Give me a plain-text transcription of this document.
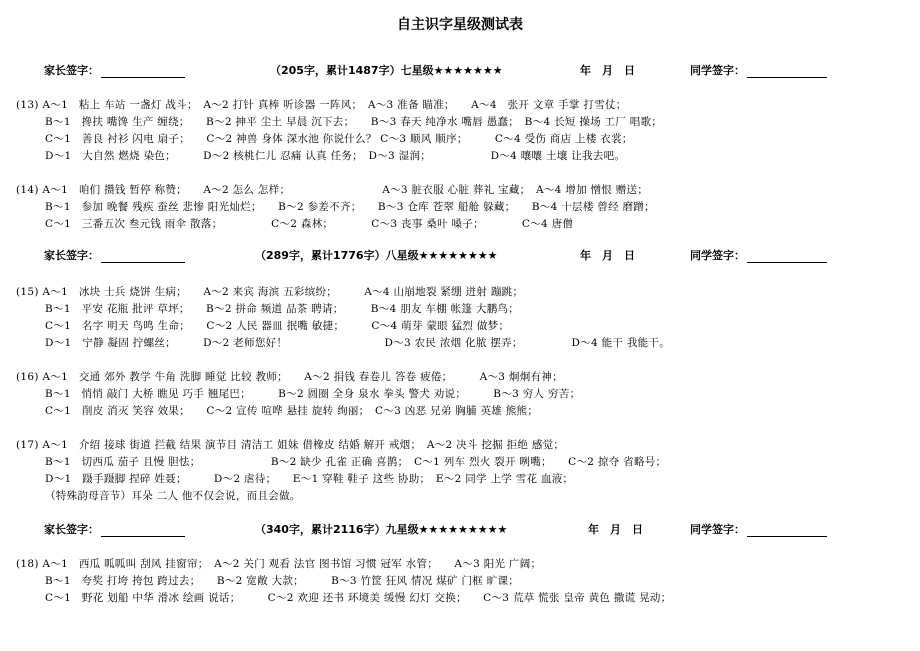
自主识字星级测试表
家长签字：	（205字，累计1487字）七星级★★★★★★★	年　月　日	同学签字：
(13) A～1　粘上 车站 一盏灯 战斗；　A～2 打针 真棒 听诊器 一阵风；　A～3 准备 瞄准；　　A～4　张开 文章 手掌 打雪仗；
B～1　搀扶 嘴馋 生产 缠绕；　　B～2 抻平 尘土 早晨 沉下去；　　B～3 春天 纯净水 嘴唇 愚蠢；　B～4 长短 操场 工厂 唱歌；
C～1　善良 衬衫 闪电 扇子；　　C～2 神兽 身体 深水池 你说什么？ C～3 顺风 顺序；　　　C～4 受伤 商店 上楼 衣裳；
D～1　大自然 燃烧 染色；　　　D～2 核桃仁儿 忍痛 认真 任务；　D～3 湿润；　　　　　　D～4 嚷嚷 土壤 让我去吧。
(14) A～1　咱们 攒钱 暂停 称赞；　　A～2 怎么 怎样；　　　　　　　　　A～3 脏衣服 心脏 葬礼 宝藏；　A～4 增加 憎恨 赠送；
B～1　参加 晚餐 残疾 蚕丝 悲惨 阳光灿烂；　　B～2 参差不齐；　　B～3 仓库 苍翠 船舱 躲藏；　　B～4 十层楼 曾经 磨蹭；
C～1　三番五次 叁元钱 雨伞 散落；　　　　　C～2 森林；　　　　C～3 丧事 桑叶 嗓子；　　　　C～4 唐僧
家长签字：	（289字，累计1776字）八星级★★★★★★★★	年　月　日	同学签字：
(15) A～1　冰块 士兵 烧饼 生病；　　A～2 来宾 海滨 五彩缤纷；　　　A～4 山崩地裂 紧绷 迸射 蹦跳；
B～1　平安 花瓶 批评 草坪；　　B～2 拼命 频道 品茶 聘请；　　　B～4 朋友 车棚 帐篷 大鹏鸟；
C～1　名字 明天 鸟鸣 生命；　　C～2 人民 器皿 抿嘴 敏捷；　　　C～4 萌芽 蒙眼 猛烈 做梦；
D～1　宁静 凝固 拧螺丝；　　　D～2 老师您好！　　　　　　　　　D～3 农民 浓烟 化脓 摆弄；　　　　　D～4 能干 我能干。
(16) A～1　交通 郊外 教学 牛角 洗脚 睡觉 比较 教师；　　A～2 捐钱 春卷儿 答卷 疲倦；　　　A～3 炯炯有神；
B～1　悄悄 敲门 大桥 瞧见 巧手 翘尾巴；　　　B～2 圆圈 全身 泉水 拳头 警犬 劝说；　　　B～3 穷人 穷苦；
C～1　削皮 消灭 笑容 效果；　　C～2 宣传 喧哗 悬挂 旋转 绚丽；　C～3 凶恶 兄弟 胸脯 英雄 熊熊；
(17) A～1　介绍 接球 街道 拦截 结果 演节目 清洁工 姐妹 借橡皮 结婚 解开 戒烟；　A～2 决斗 挖掘 拒绝 感觉；
B～1　切西瓜 茄子 且慢 胆怯；　　　　　　　B～2 缺少 孔雀 正确 喜鹊；　C～1 列车 烈火 裂开 咧嘴；　　C～2 掠夺 省略号；
D～1　蹑手蹑脚 捏碎 姓聂；　　　D～2 虐待；　　E～1 穿鞋 鞋子 这些 协助；　E～2 同学 上学 雪花 血液；
（特殊韵母音节）耳朵 二人 他不仅会说，而且会做。
家长签字：	（340字，累计2116字）九星级★★★★★★★★★	年　月　日	同学签字：
(18) A～1　西瓜 呱呱叫 刮风 挂窗帘；　A～2 关门 观看 法官 图书馆 习惯 冠军 水管；　　A～3 阳光 广阔；
B～1　夸奖 打垮 挎包 跨过去；　　B～2 宽敞 大款；　　　B～3 竹筐 狂风 情况 煤矿 门框 旷课；
C～1　野花 划船 中华 滑冰 绘画 说话；　　　C～2 欢迎 还书 环境美 缓慢 幻灯 交换；　　C～3 荒草 慌张 皇帝 黄色 撒谎 晃动；
